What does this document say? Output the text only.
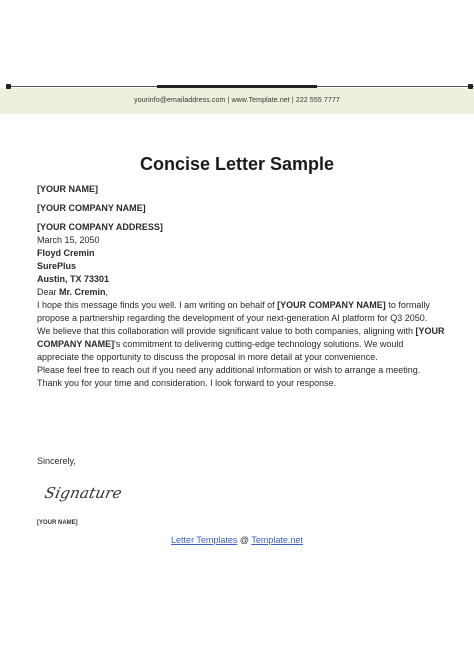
yourinfo@emailaddress.com | www.Template.net | 222 555 7777
Concise Letter Sample
[YOUR NAME]
[YOUR COMPANY NAME]
[YOUR COMPANY ADDRESS]
March 15, 2050
Floyd Cremin
SurePlus
Austin, TX 73301
Dear Mr. Cremin,
I hope this message finds you well. I am writing on behalf of [YOUR COMPANY NAME] to formally propose a partnership regarding the development of your next-generation AI platform for Q3 2050.
We believe that this collaboration will provide significant value to both companies, aligning with [YOUR COMPANY NAME]'s commitment to delivering cutting-edge technology solutions. We would appreciate the opportunity to discuss the proposal in more detail at your convenience.
Please feel free to reach out if you need any additional information or wish to arrange a meeting.
Thank you for your time and consideration. I look forward to your response.
Sincerely,
Signature
[YOUR NAME]
Letter Templates @ Template.net
